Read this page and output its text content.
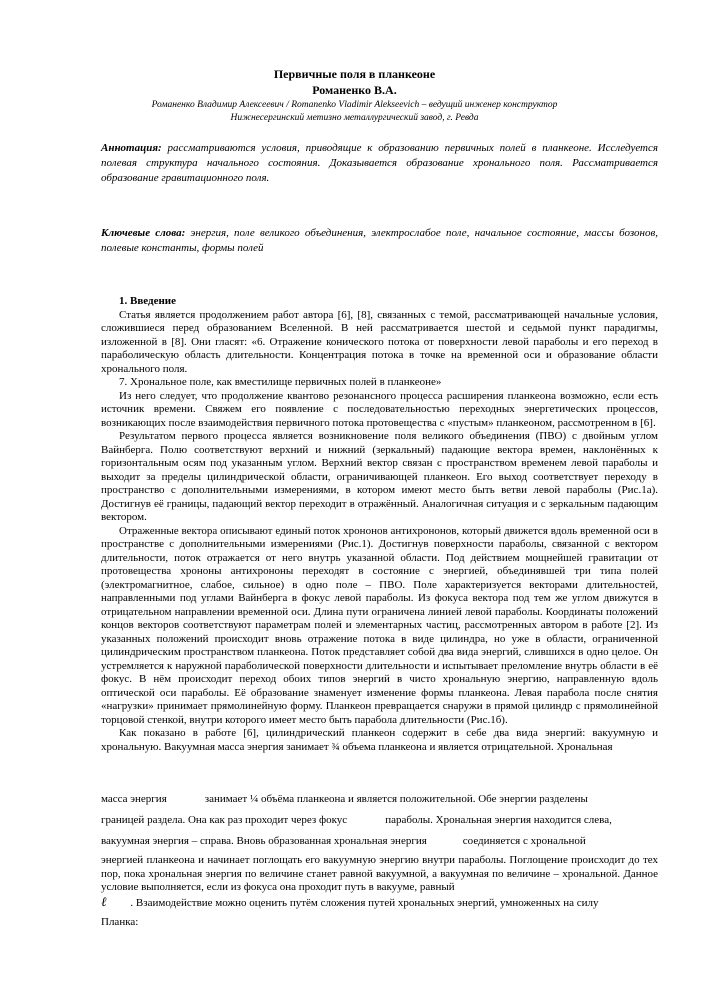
Первичные поля в планкеоне
Романенко В.А.
Романенко Владимир Алексеевич / Romanenko Vladimir Alekseevich – ведущий инженер конструктор
Нижнесергинский метизно металлургический завод, г. Ревда
Аннотация: рассматриваются условия, приводящие к образованию первичных полей в планкеоне. Исследуется полевая структура начального состояния. Доказывается образование хронального поля. Рассматривается образование гравитационного поля.
Ключевые слова: энергия, поле великого объединения, электрослабое поле, начальное состояние, массы бозонов, полевые константы, формы полей

1. Введение

Статья является продолжением работ автора [6], [8], связанных с темой, рассматривающей начальные условия, сложившиеся перед образованием Вселенной. В ней рассматривается шестой и седьмой пункт парадигмы, изложенной в [8]. Они гласят: «6. Отражение конического потока от поверхности левой параболы и его переход в параболическую область длительности. Концентрация потока в точке на временной оси и образование области хронального поля.

7. Хрональное поле, как вместилище первичных полей в планкеоне»

Из него следует, что продолжение квантово резонансного процесса расширения планкеона возможно, если есть источник времени. Свяжем его появление с последовательностью переходных энергетических процессов, возникающих после взаимодействия первичного потока протовещества с «пустым» планкеоном, рассмотренном в [6].

Результатом первого процесса является возникновение поля великого объединения (ПВО) с двойным углом Вайнберга. Полю соответствуют верхний и нижний (зеркальный) падающие вектора времен, наклонённых к горизонтальным осям под указанным углом. Верхний вектор связан с пространством временем левой параболы и выходит за пределы цилиндрической области, ограничивающей планкеон. Его выход соответствует переходу в пространство с дополнительными измерениями, в котором имеют место быть ветви левой параболы (Рис.1а). Достигнув её границы, падающий вектор переходит в отражённый. Аналогичная ситуация и с зеркальным падающим вектором.

Отраженные вектора описывают единый поток хрононов антихрононов, который движется вдоль временной оси в пространстве с дополнительными измерениями (Рис.1). Достигнув поверхности параболы, связанной с вектором длительности, поток отражается от него внутрь указанной области. Под действием мощнейшей гравитации от протовещества хрононы антихрононы переходят в состояние с энергией, объединявшей три типа полей (электромагнитное, слабое, сильное) в одно поле – ПВО. Поле характеризуется векторами длительностей, направленными под углами Вайнберга в фокус левой параболы. Из фокуса вектора под тем же углом движутся в отрицательном направлении временной оси. Длина пути ограничена линией левой параболы. Координаты положений концов векторов соответствуют параметрам полей и элементарных частиц, рассмотренных автором в работе [2]. Из указанных положений происходит вновь отражение потока в виде цилиндра, но уже в области, ограниченной цилиндрическим пространством планкеона. Поток представляет собой два вида энергий, слившихся в одно целое. Он устремляется к наружной параболической поверхности длительности и испытывает преломление внутрь области в её фокус. В нём происходит переход обоих типов энергий в чисто хрональную энергию, направленную вдоль оптической оси параболы. Её образование знаменует изменение формы планкеона. Левая парабола после снятия «нагрузки» принимает прямолинейную форму. Планкеон превращается снаружи в прямой цилиндр с прямолинейной торцовой стенкой, внутри которого имеет место быть парабола длительности (Рис.1б).

Как показано в работе [6], цилиндрический планкеон содержит в себе два вида энергий: вакуумную и хрональную. Вакуумная масса энергия занимает ¾ объема планкеона и является отрицательной. Хрональная

масса энергия	занимает ¼ объёма планкеона и является положительной. Обе энергии разделены
границей раздела. Она как раз проходит через фокус	параболы. Хрональная энергия находится слева,
вакуумная энергия – справа. Вновь образованная хрональная энергия	соединяется с хрональной

энергией планкеона и начинает поглощать его вакуумную энергию внутри параболы. Поглощение происходит до тех пор, пока хрональная энергия по величине станет равной вакуумной, а вакуумная по величине – хрональной. Данное условие выполняется, если из фокуса она проходит путь в вакууме, равный

ℓ . Взаимодействие можно оценить путём сложения путей хрональных энергий, умноженных на силу
Планка:
